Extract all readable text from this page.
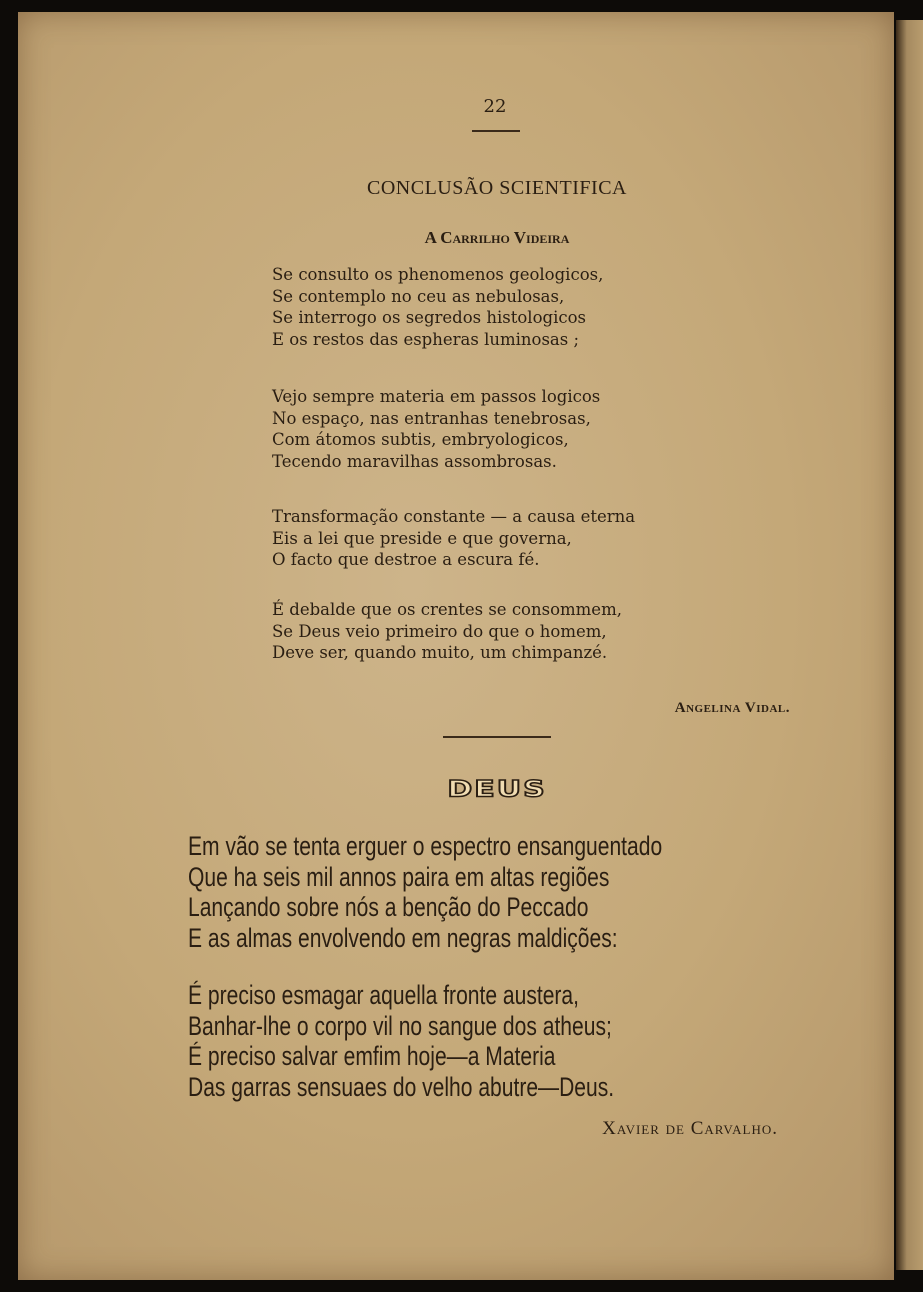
22
CONCLUSÃO SCIENTIFICA
A Carrilho Videira
Se consulto os phenomenos geologicos,
Se contemplo no ceu as nebulosas,
Se interrogo os segredos histologicos
E os restos das espheras luminosas ;
Vejo sempre materia em passos logicos
No espaço, nas entranhas tenebrosas,
Com átomos subtis, embryologicos,
Tecendo maravilhas assombrosas.
Transformação constante — a causa eterna
Eis a lei que preside e que governa,
O facto que destroe a escura fé.
É debalde que os crentes se consommem,
Se Deus veio primeiro do que o homem,
Deve ser, quando muito, um chimpanzé.
Angelina Vidal.
DEUS
Em vão se tenta erguer o espectro ensanguentado
Que ha seis mil annos paira em altas regiões
Lançando sobre nós a benção do Peccado
E as almas envolvendo em negras maldições:
É preciso esmagar aquella fronte austera,
Banhar-lhe o corpo vil no sangue dos atheus;
É preciso salvar emfim hoje—a Materia
Das garras sensuaes do velho abutre—Deus.
Xavier de Carvalho.
